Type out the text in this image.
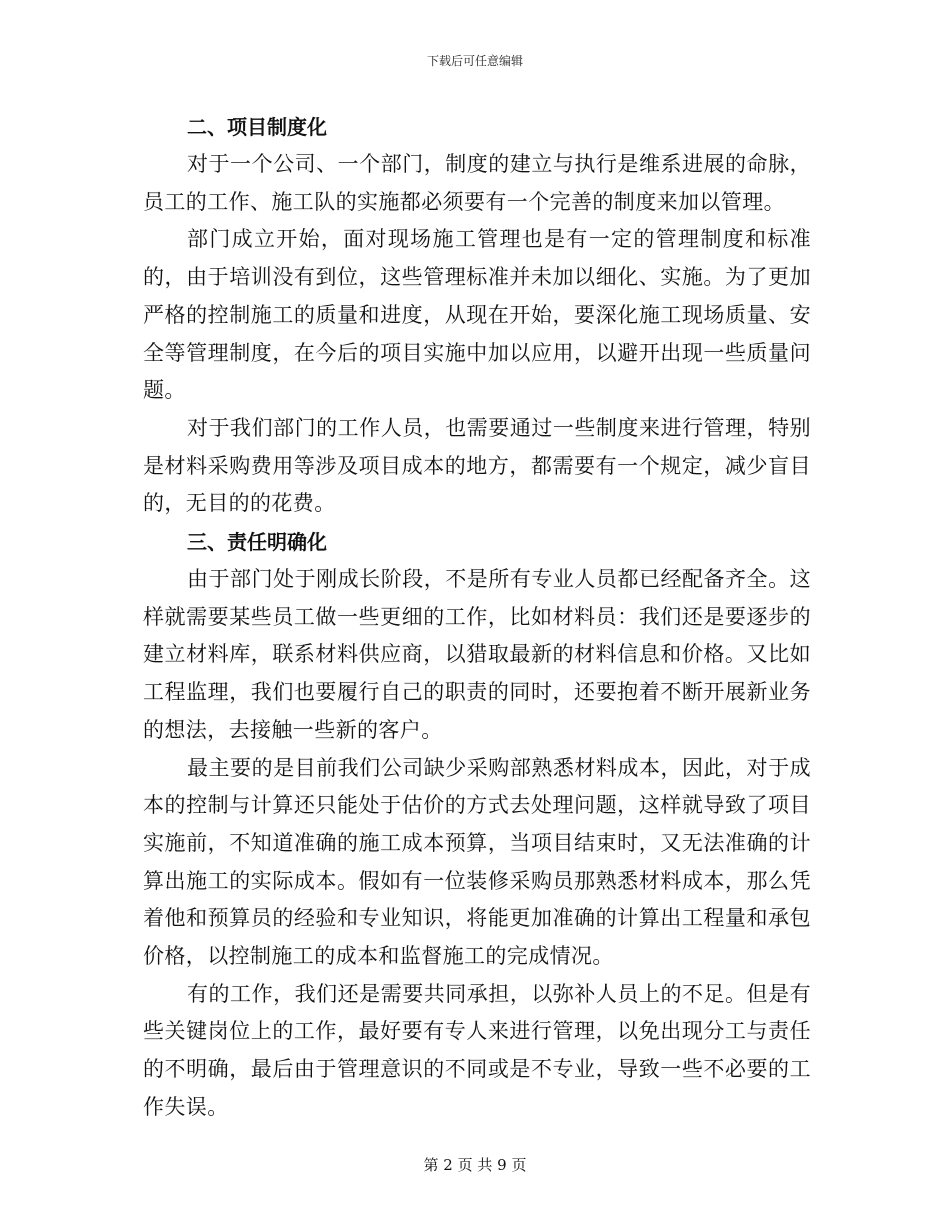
下载后可任意编辑
二、项目制度化

对于一个公司、一个部门，制度的建立与执行是维系进展的命脉，员工的工作、施工队的实施都必须要有一个完善的制度来加以管理。

部门成立开始，面对现场施工管理也是有一定的管理制度和标准的，由于培训没有到位，这些管理标准并未加以细化、实施。为了更加严格的控制施工的质量和进度，从现在开始，要深化施工现场质量、安全等管理制度，在今后的项目实施中加以应用，以避开出现一些质量问题。

对于我们部门的工作人员，也需要通过一些制度来进行管理，特别是材料采购费用等涉及项目成本的地方，都需要有一个规定，减少盲目的，无目的的花费。

三、责任明确化

由于部门处于刚成长阶段，不是所有专业人员都已经配备齐全。这样就需要某些员工做一些更细的工作，比如材料员：我们还是要逐步的建立材料库，联系材料供应商，以猎取最新的材料信息和价格。又比如工程监理，我们也要履行自己的职责的同时，还要抱着不断开展新业务的想法，去接触一些新的客户。

最主要的是目前我们公司缺少采购部熟悉材料成本，因此，对于成本的控制与计算还只能处于估价的方式去处理问题，这样就导致了项目实施前，不知道准确的施工成本预算，当项目结束时，又无法准确的计算出施工的实际成本。假如有一位装修采购员那熟悉材料成本，那么凭着他和预算员的经验和专业知识，将能更加准确的计算出工程量和承包价格，以控制施工的成本和监督施工的完成情况。

有的工作，我们还是需要共同承担，以弥补人员上的不足。但是有些关键岗位上的工作，最好要有专人来进行管理，以免出现分工与责任的不明确，最后由于管理意识的不同或是不专业，导致一些不必要的工作失误。

第 2 页 共 9 页
